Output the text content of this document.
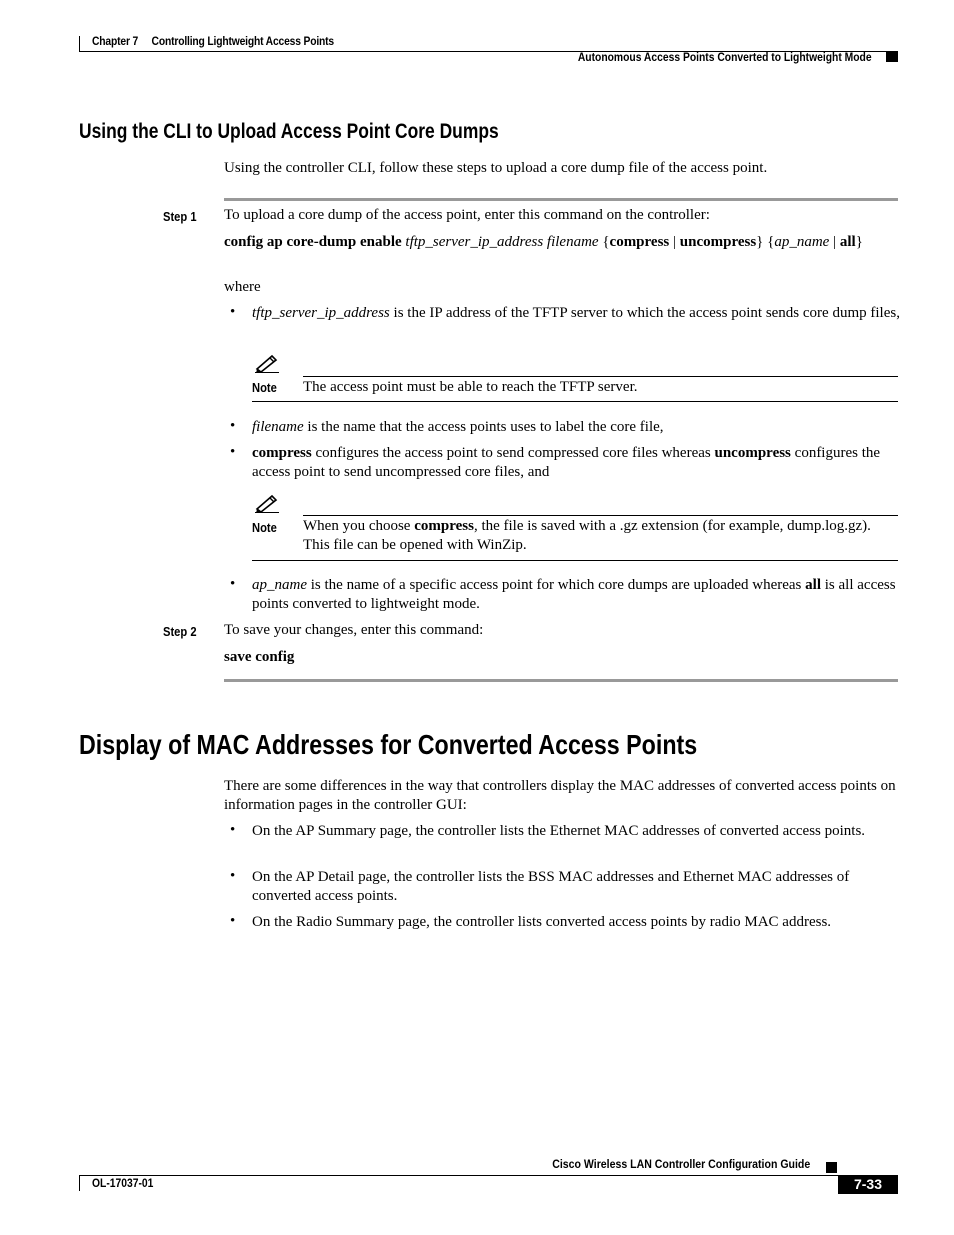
Chapter 7 Controlling Lightweight Access Points
Autonomous Access Points Converted to Lightweight Mode
Using the CLI to Upload Access Point Core Dumps
Using the controller CLI, follow these steps to upload a core dump file of the access point.
Step 1 To upload a core dump of the access point, enter this command on the controller:
config ap core-dump enable tftp_server_ip_address filename {compress | uncompress} {ap_name | all}
where
• tftp_server_ip_address is the IP address of the TFTP server to which the access point sends core dump files,
Note The access point must be able to reach the TFTP server.
• filename is the name that the access points uses to label the core file,
• compress configures the access point to send compressed core files whereas uncompress configures the access point to send uncompressed core files, and
Note When you choose compress, the file is saved with a .gz extension (for example, dump.log.gz). This file can be opened with WinZip.
• ap_name is the name of a specific access point for which core dumps are uploaded whereas all is all access points converted to lightweight mode.
Step 2 To save your changes, enter this command:
save config
Display of MAC Addresses for Converted Access Points
There are some differences in the way that controllers display the MAC addresses of converted access points on information pages in the controller GUI:
• On the AP Summary page, the controller lists the Ethernet MAC addresses of converted access points.
• On the AP Detail page, the controller lists the BSS MAC addresses and Ethernet MAC addresses of converted access points.
• On the Radio Summary page, the controller lists converted access points by radio MAC address.
Cisco Wireless LAN Controller Configuration Guide
OL-17037-01	7-33
